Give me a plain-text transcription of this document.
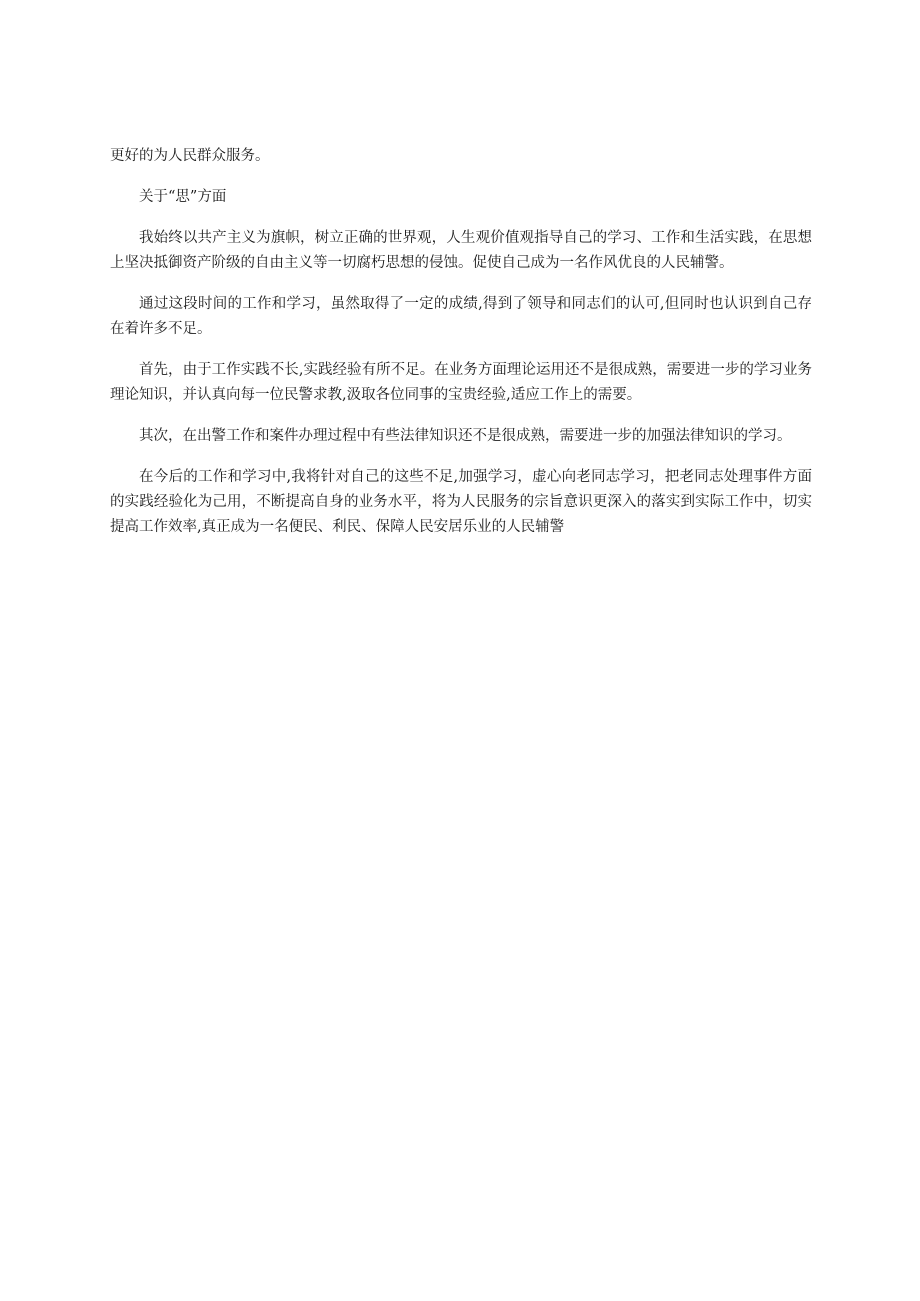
更好的为人民群众服务。

关于“思”方面

我始终以共产主义为旗帜，树立正确的世界观，人生观价值观指导自己的学习、工作和生活实践，在思想上坚决抵御资产阶级的自由主义等一切腐朽思想的侵蚀。促使自己成为一名作风优良的人民辅警。

通过这段时间的工作和学习，虽然取得了一定的成绩,得到了领导和同志们的认可,但同时也认识到自己存在着许多不足。

首先，由于工作实践不长,实践经验有所不足。在业务方面理论运用还不是很成熟，需要进一步的学习业务理论知识，并认真向每一位民警求教,汲取各位同事的宝贵经验,适应工作上的需要。

其次，在出警工作和案件办理过程中有些法律知识还不是很成熟，需要进一步的加强法律知识的学习。

在今后的工作和学习中,我将针对自己的这些不足,加强学习，虚心向老同志学习，把老同志处理事件方面的实践经验化为己用，不断提高自身的业务水平，将为人民服务的宗旨意识更深入的落实到实际工作中，切实提高工作效率,真正成为一名便民、利民、保障人民安居乐业的人民辅警
